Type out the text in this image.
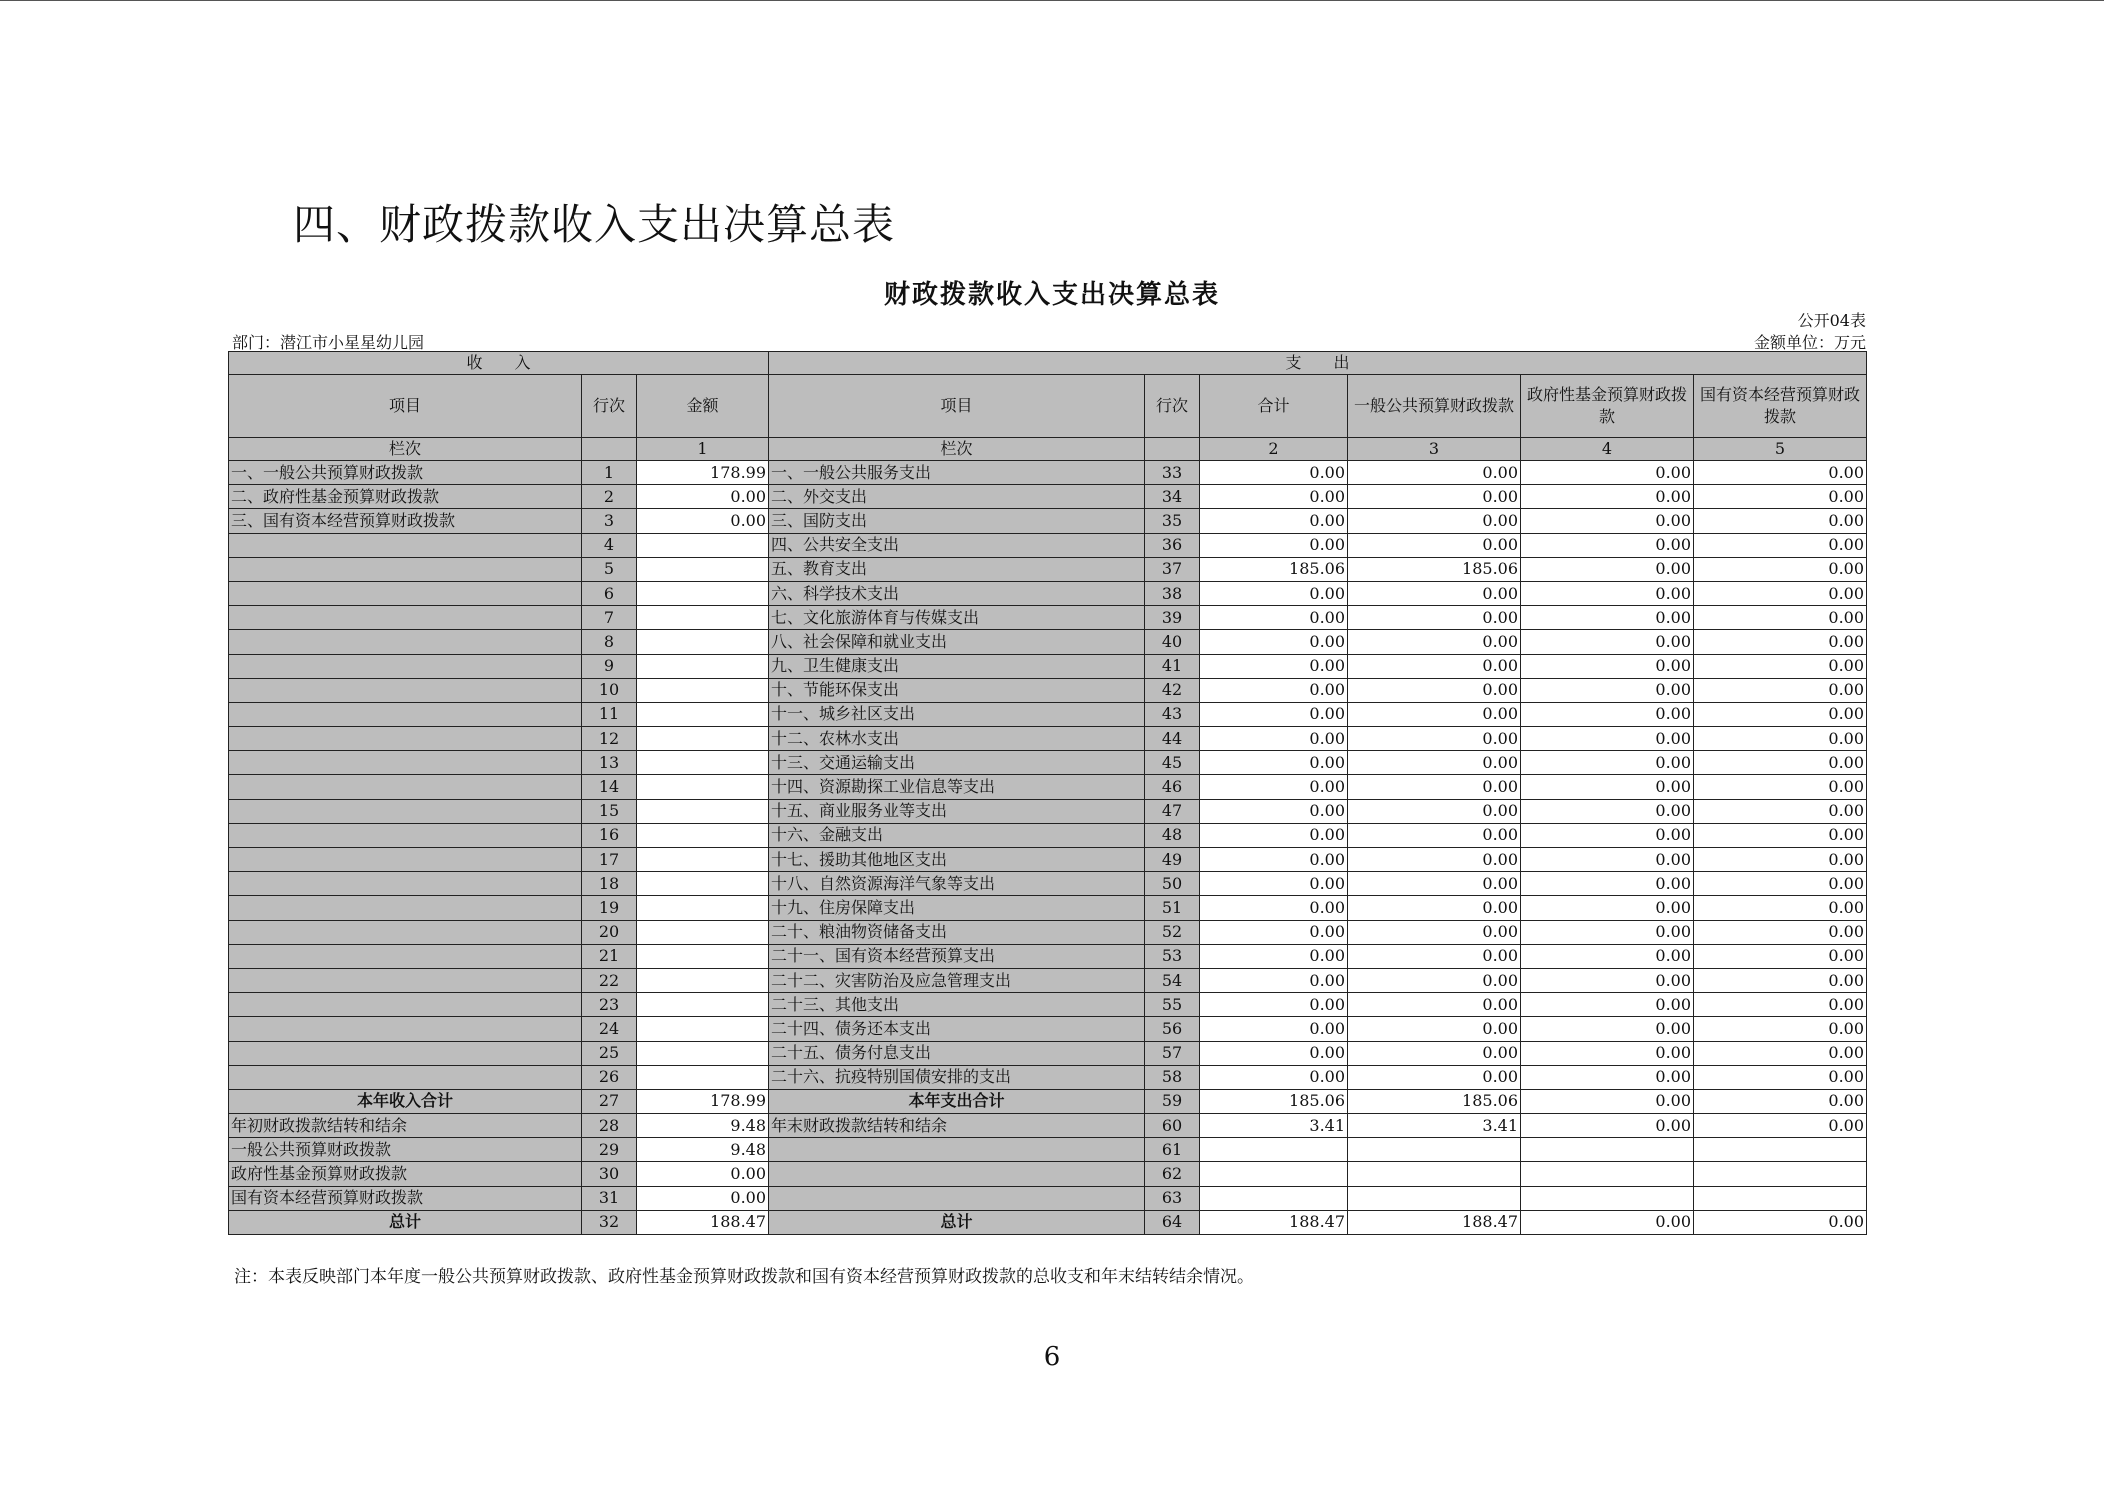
四、财政拨款收入支出决算总表
财政拨款收入支出决算总表
部门：潜江市小星星幼儿园
公开04表
金额单位：万元
收　　入			支　　出					
项目	行次	金额	项目	行次	合计	一般公共预算财政拨款	政府性基金预算财政拨款	国有资本经营预算财政拨款
栏次		1	栏次		2	3	4	5
一、一般公共预算财政拨款	1	178.99	一、一般公共服务支出	33	0.00	0.00	0.00	0.00
二、政府性基金预算财政拨款	2	0.00	二、外交支出	34	0.00	0.00	0.00	0.00
三、国有资本经营预算财政拨款	3	0.00	三、国防支出	35	0.00	0.00	0.00	0.00
	4		四、公共安全支出	36	0.00	0.00	0.00	0.00
	5		五、教育支出	37	185.06	185.06	0.00	0.00
	6		六、科学技术支出	38	0.00	0.00	0.00	0.00
	7		七、文化旅游体育与传媒支出	39	0.00	0.00	0.00	0.00
	8		八、社会保障和就业支出	40	0.00	0.00	0.00	0.00
	9		九、卫生健康支出	41	0.00	0.00	0.00	0.00
	10		十、节能环保支出	42	0.00	0.00	0.00	0.00
	11		十一、城乡社区支出	43	0.00	0.00	0.00	0.00
	12		十二、农林水支出	44	0.00	0.00	0.00	0.00
	13		十三、交通运输支出	45	0.00	0.00	0.00	0.00
	14		十四、资源勘探工业信息等支出	46	0.00	0.00	0.00	0.00
	15		十五、商业服务业等支出	47	0.00	0.00	0.00	0.00
	16		十六、金融支出	48	0.00	0.00	0.00	0.00
	17		十七、援助其他地区支出	49	0.00	0.00	0.00	0.00
	18		十八、自然资源海洋气象等支出	50	0.00	0.00	0.00	0.00
	19		十九、住房保障支出	51	0.00	0.00	0.00	0.00
	20		二十、粮油物资储备支出	52	0.00	0.00	0.00	0.00
	21		二十一、国有资本经营预算支出	53	0.00	0.00	0.00	0.00
	22		二十二、灾害防治及应急管理支出	54	0.00	0.00	0.00	0.00
	23		二十三、其他支出	55	0.00	0.00	0.00	0.00
	24		二十四、债务还本支出	56	0.00	0.00	0.00	0.00
	25		二十五、债务付息支出	57	0.00	0.00	0.00	0.00
	26		二十六、抗疫特别国债安排的支出	58	0.00	0.00	0.00	0.00
本年收入合计	27	178.99	本年支出合计	59	185.06	185.06	0.00	0.00
年初财政拨款结转和结余	28	9.48	年末财政拨款结转和结余	60	3.41	3.41	0.00	0.00
一般公共预算财政拨款	29	9.48		61				
政府性基金预算财政拨款	30	0.00		62				
国有资本经营预算财政拨款	31	0.00		63				
总计	32	188.47	总计	64	188.47	188.47	0.00	0.00
注：本表反映部门本年度一般公共预算财政拨款、政府性基金预算财政拨款和国有资本经营预算财政拨款的总收支和年末结转结余情况。
6
